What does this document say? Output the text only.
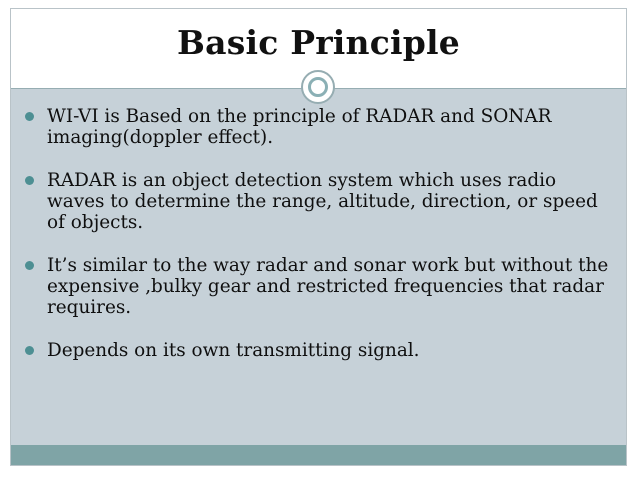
Basic Principle
WI-VI is Based on the principle of RADAR and SONAR imaging(doppler effect).
RADAR is an object detection system which uses radio waves to determine the range, altitude, direction, or speed of objects.
It’s similar to the way radar and sonar work but without the expensive ,bulky gear and restricted frequencies that radar requires.
Depends on its own transmitting signal.
